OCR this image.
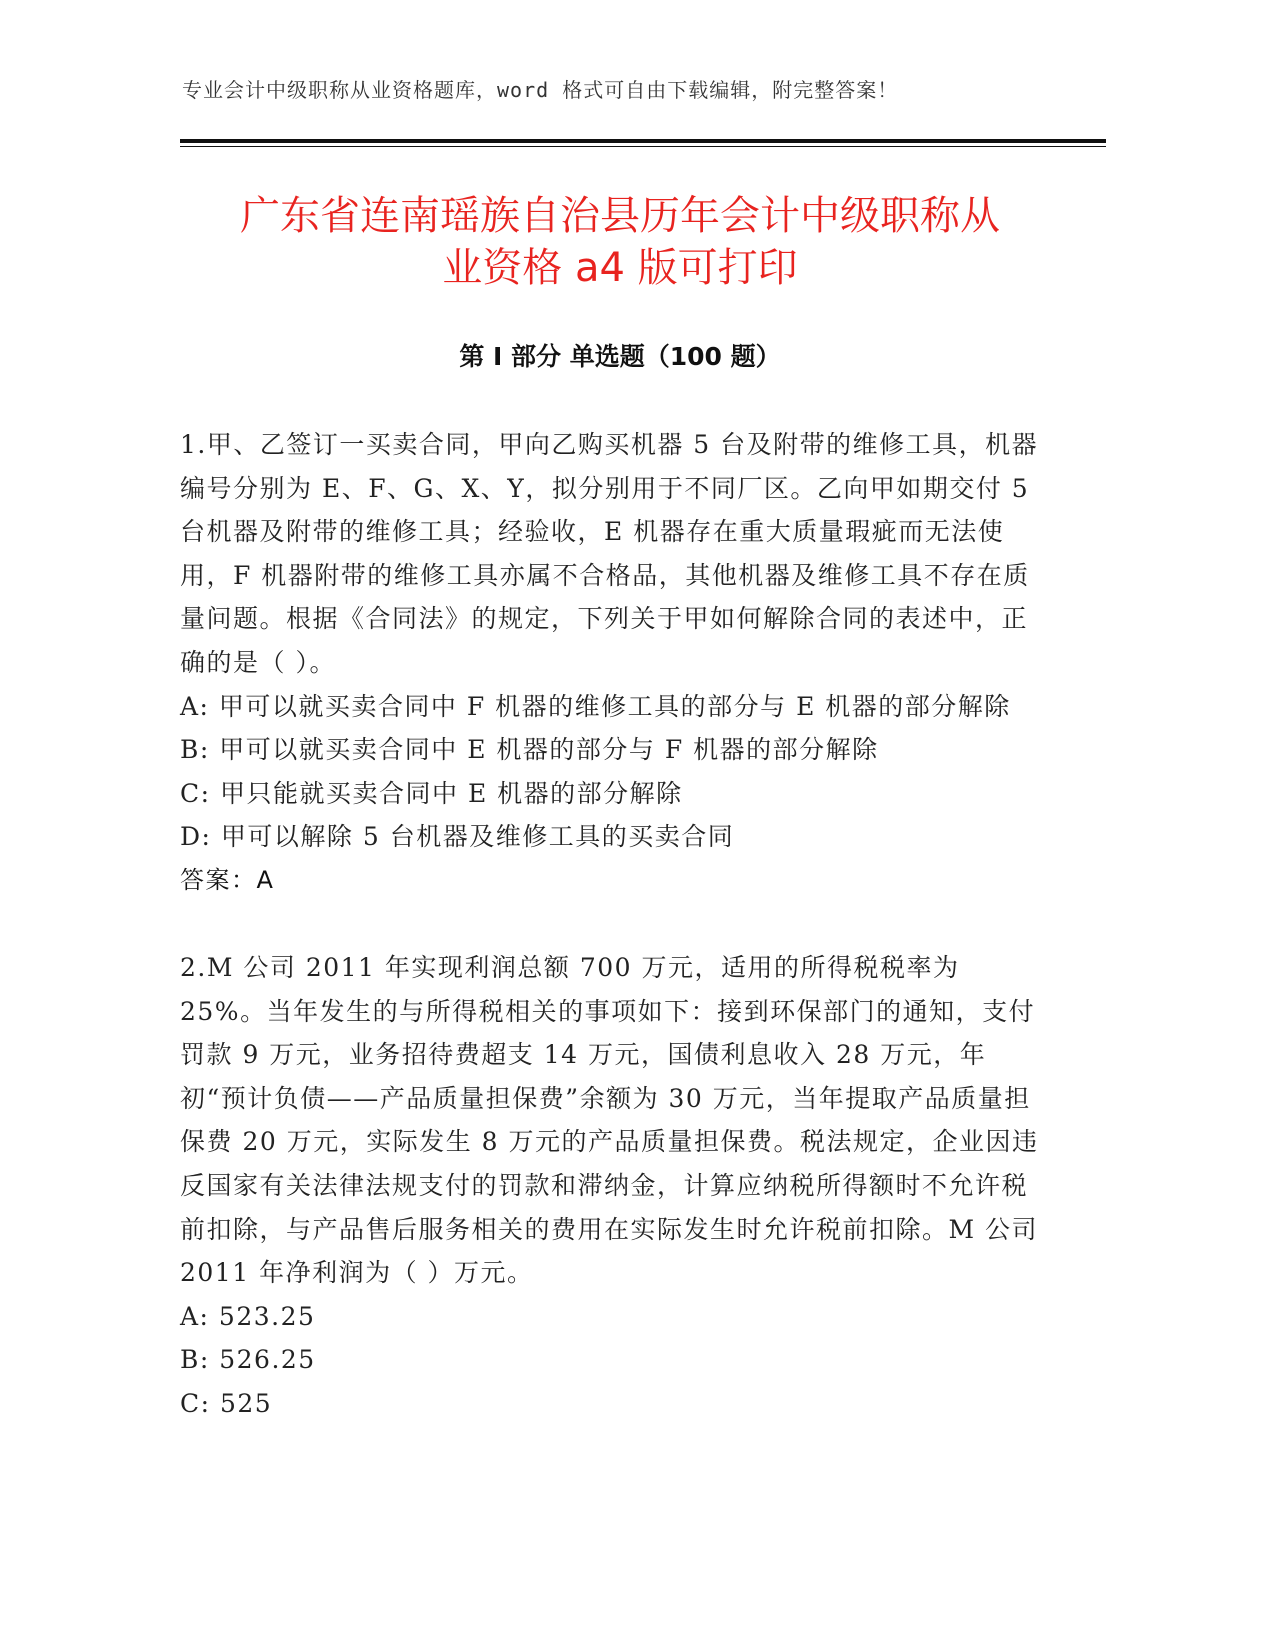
专业会计中级职称从业资格题库，word 格式可自由下载编辑，附完整答案！
广东省连南瑶族自治县历年会计中级职称从
业资格 a4 版可打印
第 I 部分 单选题（100 题）

1.甲、乙签订一买卖合同，甲向乙购买机器 5 台及附带的维修工具，机器编号分别为 E、F、G、X、Y，拟分别用于不同厂区。乙向甲如期交付 5 台机器及附带的维修工具；经验收，E 机器存在重大质量瑕疵而无法使用，F 机器附带的维修工具亦属不合格品，其他机器及维修工具不存在质量问题。根据《合同法》的规定，下列关于甲如何解除合同的表述中，正确的是（ ）。

A: 甲可以就买卖合同中 F 机器的维修工具的部分与 E 机器的部分解除

B: 甲可以就买卖合同中 E 机器的部分与 F 机器的部分解除

C: 甲只能就买卖合同中 E 机器的部分解除

D: 甲可以解除 5 台机器及维修工具的买卖合同

答案：A

2.M 公司 2011 年实现利润总额 700 万元，适用的所得税税率为 25%。当年发生的与所得税相关的事项如下：接到环保部门的通知，支付罚款 9 万元，业务招待费超支 14 万元，国债利息收入 28 万元，年初“预计负债——产品质量担保费”余额为 30 万元，当年提取产品质量担保费 20 万元，实际发生 8 万元的产品质量担保费。税法规定，企业因违反国家有关法律法规支付的罚款和滞纳金，计算应纳税所得额时不允许税前扣除，与产品售后服务相关的费用在实际发生时允许税前扣除。M 公司 2011 年净利润为（ ）万元。

A: 523.25

B: 526.25

C: 525
